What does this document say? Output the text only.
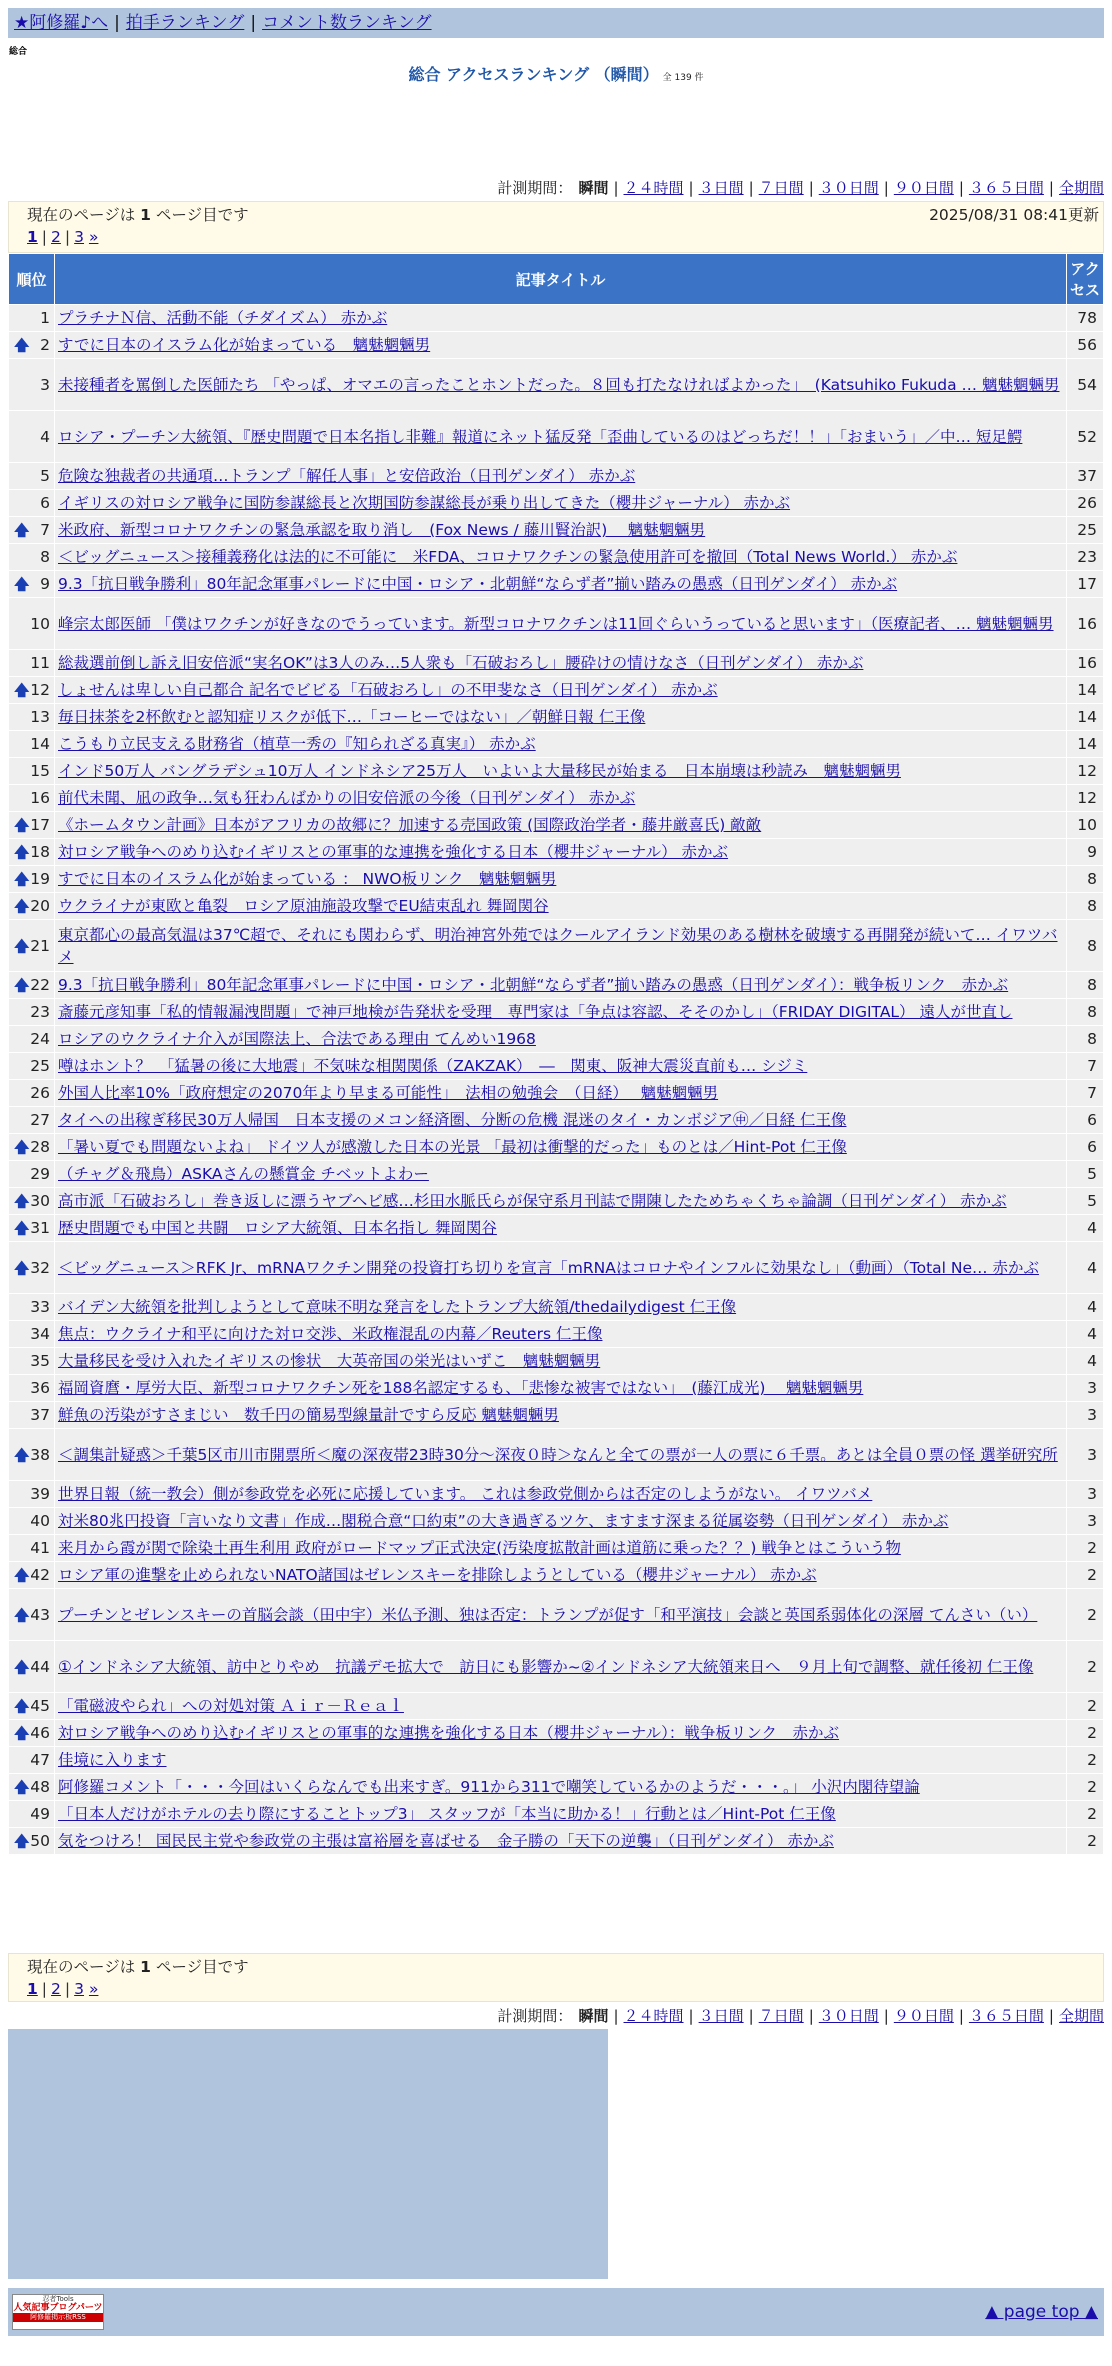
★阿修羅♪へ | 拍手ランキング | コメント数ランキング
総合
総合 アクセスランキング （瞬間） 全 139 件
計測期間： 瞬間 | ２４時間 | ３日間 | ７日間 | ３０日間 | ９０日間 | ３６５日間 | 全期間
現在のページは 1 ページ目です	2025/08/31 08:41更新
1 | 2 | 3 »
順位	記事タイトル	アクセス
1	プラチナＮ信、活動不能（チダイズム） 赤かぶ	78

🡅 2	すでに日本のイスラム化が始まっている　魑魅魍魎男	56
3	未接種者を罵倒した医師たち 「やっぱ、オマエの言ったことホントだった。８回も打たなければよかった」　(Katsuhiko Fukuda … 魑魅魍魎男	54
4	ロシア・プーチン大統領、『歴史問題で日本名指し非難』報道にネット猛反発「歪曲しているのはどっちだ！！」「おまいう」／中… 短足鰐	52
5	危険な独裁者の共通項…トランプ「解任人事」と安倍政治（日刊ゲンダイ） 赤かぶ	37
6	イギリスの対ロシア戦争に国防参謀総長と次期国防参謀総長が乗り出してきた（櫻井ジャーナル） 赤かぶ	26

🡅 7	米政府、新型コロナワクチンの緊急承認を取り消し　(Fox News / 藤川賢治訳)　 魑魅魍魎男	25
8	＜ビッグニュース＞接種義務化は法的に不可能に　米FDA、コロナワクチンの緊急使用許可を撤回（Total News World.） 赤かぶ	23

🡅 9	9.3「抗日戦争勝利」80年記念軍事パレードに中国・ロシア・北朝鮮“ならず者”揃い踏みの愚惑（日刊ゲンダイ） 赤かぶ	17
10	峰宗太郎医師 「僕はワクチンが好きなのでうっています。新型コロナワクチンは11回ぐらいうっていると思います」（医療記者、… 魑魅魍魎男	16
11	総裁選前倒し訴え旧安倍派“実名OK”は3人のみ…5人衆も「石破おろし」腰砕けの情けなさ（日刊ゲンダイ） 赤かぶ	16

🡅 12	しょせんは卑しい自己都合 記名でビビる「石破おろし」の不甲斐なさ（日刊ゲンダイ） 赤かぶ	14
13	毎日抹茶を2杯飲むと認知症リスクが低下…「コーヒーではない」／朝鮮日報 仁王像	14
14	こうもり立民支える財務省（植草一秀の『知られざる真実』） 赤かぶ	14
15	インド50万人 バングラデシュ10万人 インドネシア25万人　いよいよ大量移民が始まる　日本崩壊は秒読み　魑魅魍魎男	12
16	前代未聞、凪の政争…気も狂わんばかりの旧安倍派の今後（日刊ゲンダイ） 赤かぶ	12

🡅 17	《ホームタウン計画》日本がアフリカの故郷に？加速する売国政策 (国際政治学者・藤井厳喜氏) 敵敵	10

🡅 18	対ロシア戦争へのめり込むイギリスとの軍事的な連携を強化する日本（櫻井ジャーナル） 赤かぶ	9

🡅 19	すでに日本のイスラム化が始まっている ： NWO板リンク　魑魅魍魎男	8

🡅 20	ウクライナが東欧と亀裂　ロシア原油施設攻撃でEU結束乱れ 舞岡関谷	8

🡅 21	東京都心の最高気温は37℃超で、それにも関わらず、明治神宮外苑ではクールアイランド効果のある樹林を破壊する再開発が続いて… イワツバメ	8

🡅 22	9.3「抗日戦争勝利」80年記念軍事パレードに中国・ロシア・北朝鮮“ならず者”揃い踏みの愚惑（日刊ゲンダイ）：戦争板リンク　赤かぶ	8
23	斎藤元彦知事「私的情報漏洩問題」で神戸地検が告発状を受理　専門家は「争点は容認、そそのかし」（FRIDAY DIGITAL） 遠人が世直し	8
24	ロシアのウクライナ介入が国際法上、合法である理由 てんめい1968	8
25	噂はホント？　「猛暑の後に大地震」不気味な相関関係（ZAKZAK）　―　関東、阪神大震災直前も… シジミ	7
26	外国人比率10%「政府想定の2070年より早まる可能性」　法相の勉強会　（日経）　 魑魅魍魎男	7
27	タイへの出稼ぎ移民30万人帰国　日本支援のメコン経済圏、分断の危機 混迷のタイ・カンボジア㊥／日経 仁王像	6

🡅 28	「暑い夏でも問題ないよね」 ドイツ人が感激した日本の光景 「最初は衝撃的だった」ものとは／Hint-Pot 仁王像	6
29	（チャグ＆飛鳥）ASKAさんの懸賞金 チベットよわー	5

🡅 30	高市派「石破おろし」巻き返しに漂うヤブヘビ感…杉田水脈氏らが保守系月刊誌で開陳したためちゃくちゃ論調（日刊ゲンダイ） 赤かぶ	5

🡅 31	歴史問題でも中国と共闘　ロシア大統領、日本名指し 舞岡関谷	4

🡅 32	＜ビッグニュース＞RFK Jr、mRNAワクチン開発の投資打ち切りを宣言「mRNAはコロナやインフルに効果なし」（動画）（Total Ne… 赤かぶ	4
33	バイデン大統領を批判しようとして意味不明な発言をしたトランプ大統領/thedailydigest 仁王像	4
34	焦点：ウクライナ和平に向けた対ロ交渉、米政権混乱の内幕／Reuters 仁王像	4
35	大量移民を受け入れたイギリスの惨状　大英帝国の栄光はいずこ　魑魅魍魎男	4
36	福岡資麿・厚労大臣、新型コロナワクチン死を188名認定するも、「悲惨な被害ではない」　(藤江成光)　 魑魅魍魎男	3
37	鮮魚の汚染がすさまじい　数千円の簡易型線量計ですら反応 魑魅魍魎男	3

🡅 38	＜調集計疑惑＞千葉5区市川市開票所＜魔の深夜帯23時30分～深夜０時＞なんと全ての票が一人の票に６千票。あとは全員０票の怪 選挙研究所	3
39	世界日報（統一教会）側が参政党を必死に応援しています。 これは参政党側からは否定のしようがない。 イワツバメ	3
40	対米80兆円投資「言いなり文書」作成…閣税合意“口約束”の大き過ぎるツケ、ますます深まる従属姿勢（日刊ゲンダイ） 赤かぶ	3
41	来月から霞が関で除染土再生利用 政府がロードマップ正式決定(汚染度拡散計画は道筋に乗った？？) 戦争とはこういう物	2

🡅 42	ロシア軍の進撃を止められないNATO諸国はゼレンスキーを排除しようとしている（櫻井ジャーナル） 赤かぶ	2

🡅 43	プーチンとゼレンスキーの首脳会談（田中宇）米仏予測、独は否定：トランプが促す「和平演技」会談と英国系弱体化の深層 てんさい（い）	2

🡅 44	①インドネシア大統領、訪中とりやめ　抗議デモ拡大で　訪日にも影響か~②インドネシア大統領来日へ　９月上旬で調整、就任後初 仁王像	2

🡅 45	「電磁波やられ」への対処対策 Ａｉｒ－Ｒｅａｌ	2

🡅 46	対ロシア戦争へのめり込むイギリスとの軍事的な連携を強化する日本（櫻井ジャーナル）：戦争板リンク　赤かぶ	2
47	佳境に入ります	2

🡅 48	阿修羅コメント「・・・今回はいくらなんでも出来すぎ。911から311で嘲笑しているかのようだ・・・。」 小沢内閣待望論	2
49	「日本人だけがホテルの去り際にすることトップ3」 スタッフが「本当に助かる！」行動とは／Hint-Pot 仁王像	2

🡅 50	気をつけろ！ 国民民主党や参政党の主張は富裕層を喜ばせる　金子勝の「天下の逆襲」（日刊ゲンダイ） 赤かぶ	2
現在のページは 1 ページ目です
1 | 2 | 3 »
計測期間： 瞬間 | ２４時間 | ３日間 | ７日間 | ３０日間 | ９０日間 | ３６５日間 | 全期間
忍者Tools
人気記事ブログパーツ
阿修羅掲示板RSS	▲ page top ▲
